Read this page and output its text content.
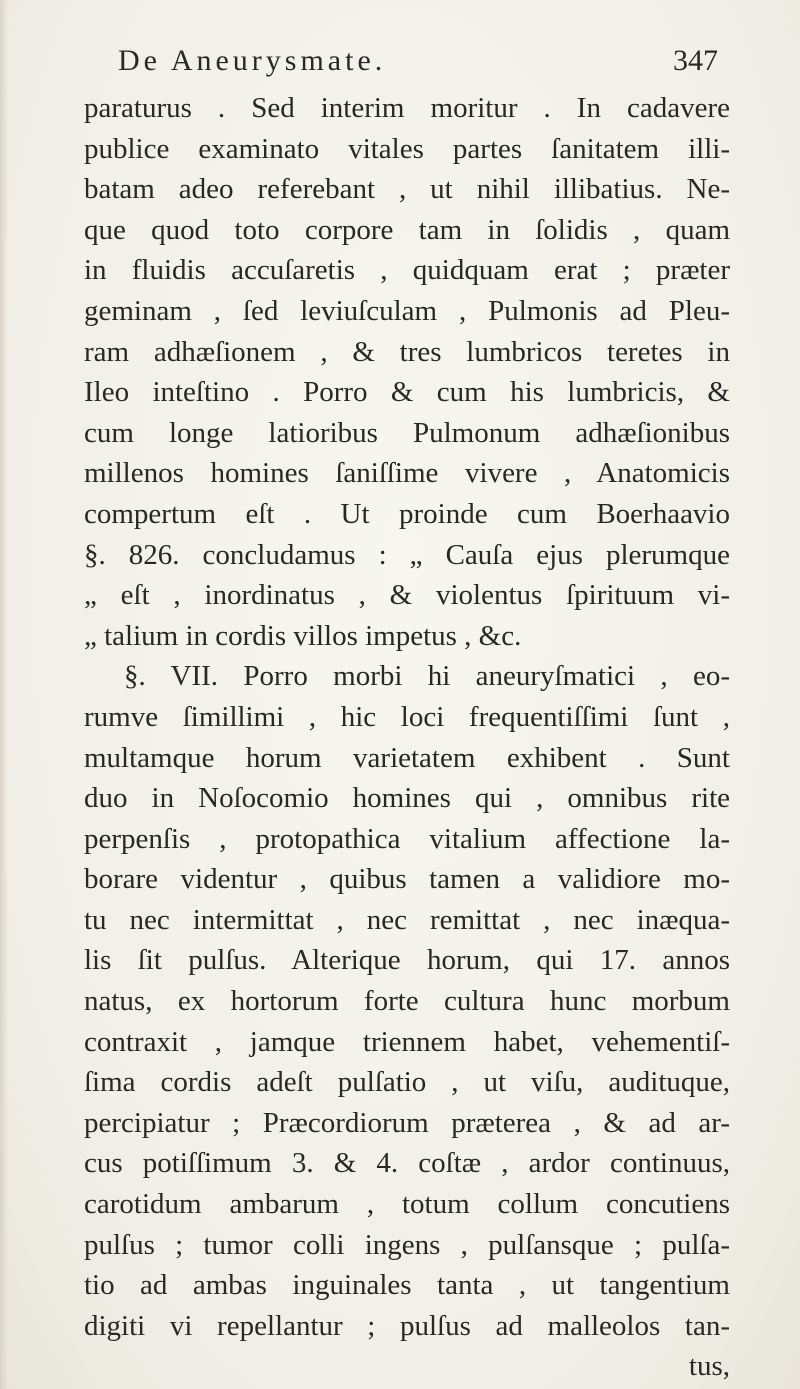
De Aneurysmate.	347
paraturus . Sed interim moritur . In cadavere
publice examinato vitales partes ſanitatem illi-
batam adeo referebant , ut nihil illibatius. Ne-
que quod toto corpore tam in ſolidis , quam
in fluidis accuſaretis , quidquam erat ; præter
geminam , ſed leviuſculam , Pulmonis ad Pleu-
ram adhæſionem , & tres lumbricos teretes in
Ileo inteſtino . Porro & cum his lumbricis, &
cum longe latioribus Pulmonum adhæſionibus
millenos homines ſaniſſime vivere , Anatomicis
compertum eſt . Ut proinde cum Boerhaavio
§. 826. concludamus : „ Cauſa ejus plerumque
„ eſt , inordinatus , & violentus ſpirituum vi-
„ talium in cordis villos impetus , &c.
§. VII. Porro morbi hi aneuryſmatici , eo-
rumve ſimillimi , hic loci frequentiſſimi ſunt ,
multamque horum varietatem exhibent . Sunt
duo in Noſocomio homines qui , omnibus rite
perpenſis , protopathica vitalium affectione la-
borare videntur , quibus tamen a validiore mo-
tu nec intermittat , nec remittat , nec inæqua-
lis ſit pulſus. Alterique horum, qui 17. annos
natus, ex hortorum forte cultura hunc morbum
contraxit , jamque triennem habet, vehementiſ-
ſima cordis adeſt pulſatio , ut viſu, audituque,
percipiatur ; Præcordiorum præterea , & ad ar-
cus potiſſimum 3. & 4. coſtæ , ardor continuus,
carotidum ambarum , totum collum concutiens
pulſus ; tumor colli ingens , pulſansque ; pulſa-
tio ad ambas inguinales tanta , ut tangentium
digiti vi repellantur ; pulſus ad malleolos tan-
tus,
